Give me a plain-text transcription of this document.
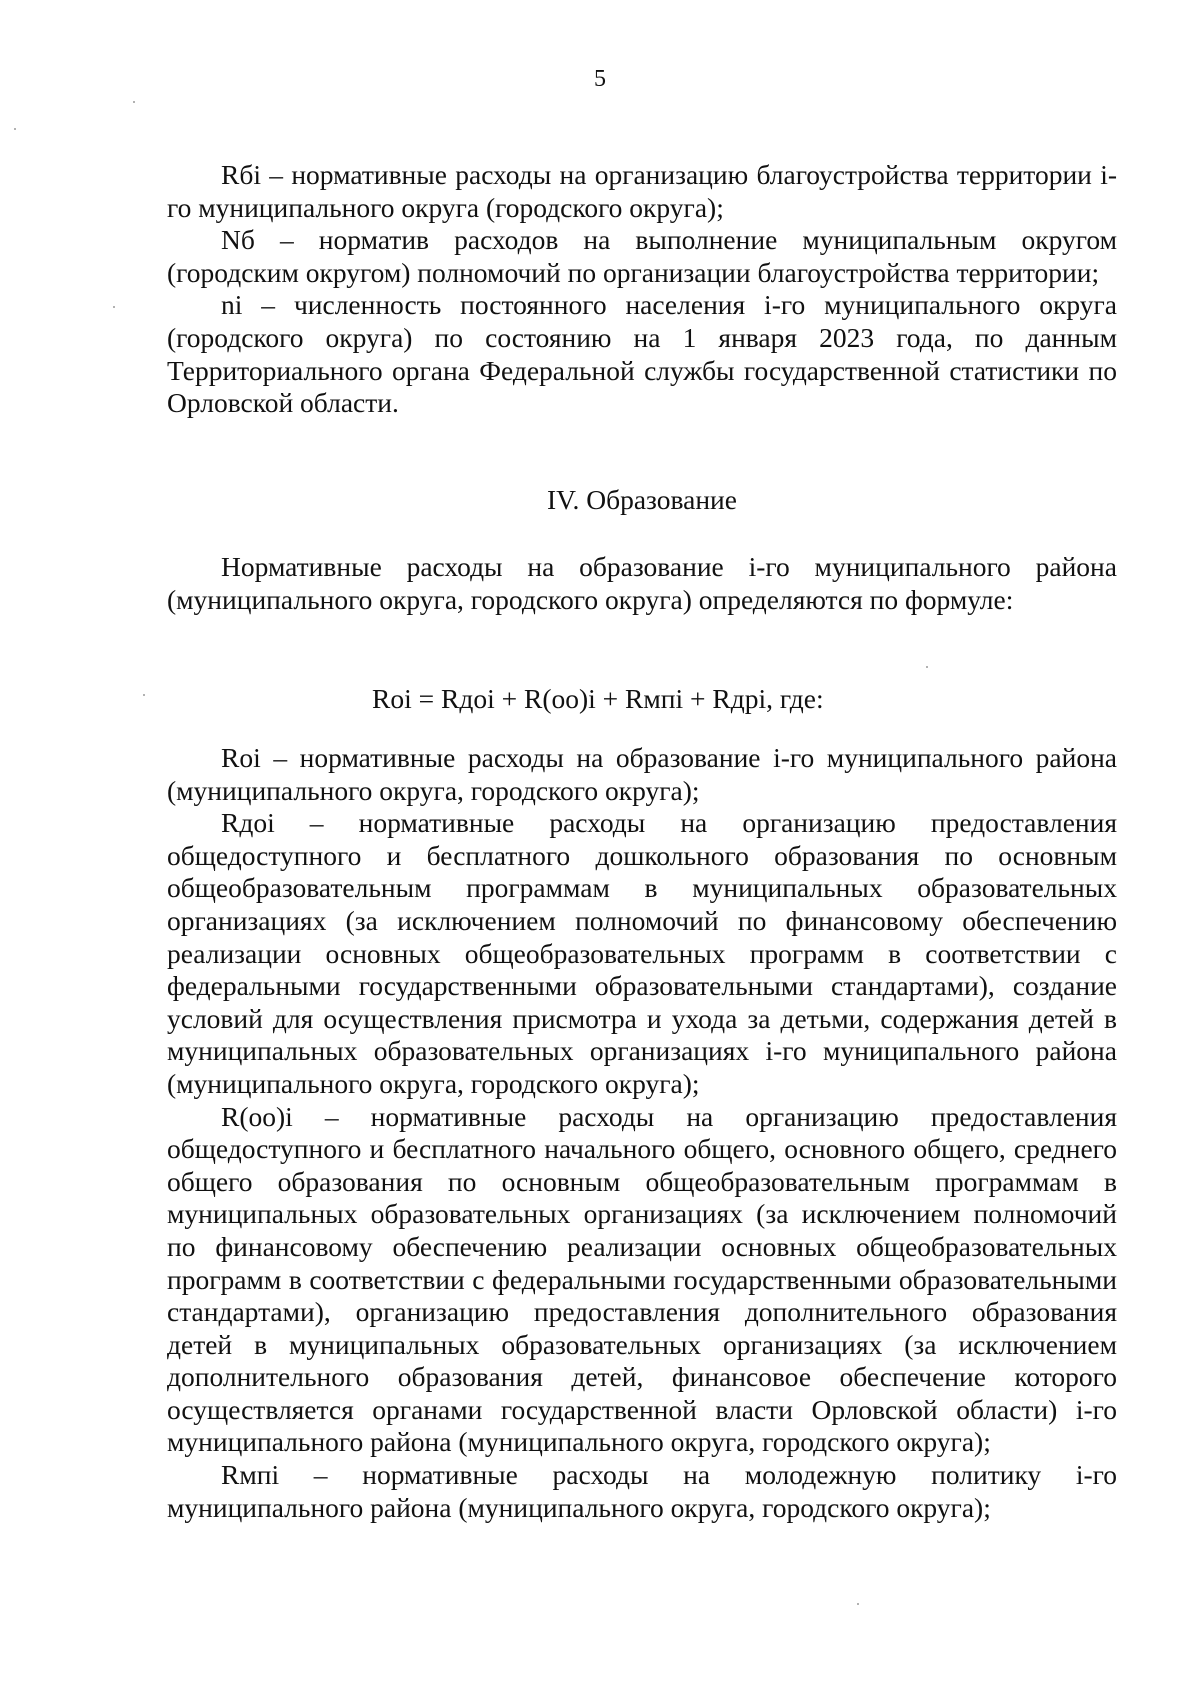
5

Rбi – нормативные расходы на организацию благоустройства территории i-го муниципального округа (городского округа);

Nб – норматив расходов на выполнение муниципальным округом (городским округом) полномочий по организации благоустройства территории;

ni – численность постоянного населения i-го муниципального округа (городского округа) по состоянию на 1 января 2023 года, по данным Территориального органа Федеральной службы государственной статистики по Орловской области.

IV. Образование

Нормативные расходы на образование i-го муниципального района (муниципального округа, городского округа) определяются по формуле:

Roi = Rдoi + R(oo)i + Rмпi + Rдрi, где:

Roi – нормативные расходы на образование i-го муниципального района (муниципального округа, городского округа);

Rдoi – нормативные расходы на организацию предоставления общедоступного и бесплатного дошкольного образования по основным общеобразовательным программам в муниципальных образовательных организациях (за исключением полномочий по финансовому обеспечению реализации основных общеобразовательных программ в соответствии с федеральными государственными образовательными стандартами), создание условий для осуществления присмотра и ухода за детьми, содержания детей в муниципальных образовательных организациях i-го муниципального района (муниципального округа, городского округа);

R(oo)i – нормативные расходы на организацию предоставления общедоступного и бесплатного начального общего, основного общего, среднего общего образования по основным общеобразовательным программам в муниципальных образовательных организациях (за исключением полномочий по финансовому обеспечению реализации основных общеобразовательных программ в соответствии с федеральными государственными образовательными стандартами), организацию предоставления дополнительного образования детей в муниципальных образовательных организациях (за исключением дополнительного образования детей, финансовое обеспечение которого осуществляется органами государственной власти Орловской области) i-го муниципального района (муниципального округа, городского округа);

Rмпi – нормативные расходы на молодежную политику i-го муниципального района (муниципального округа, городского округа);
